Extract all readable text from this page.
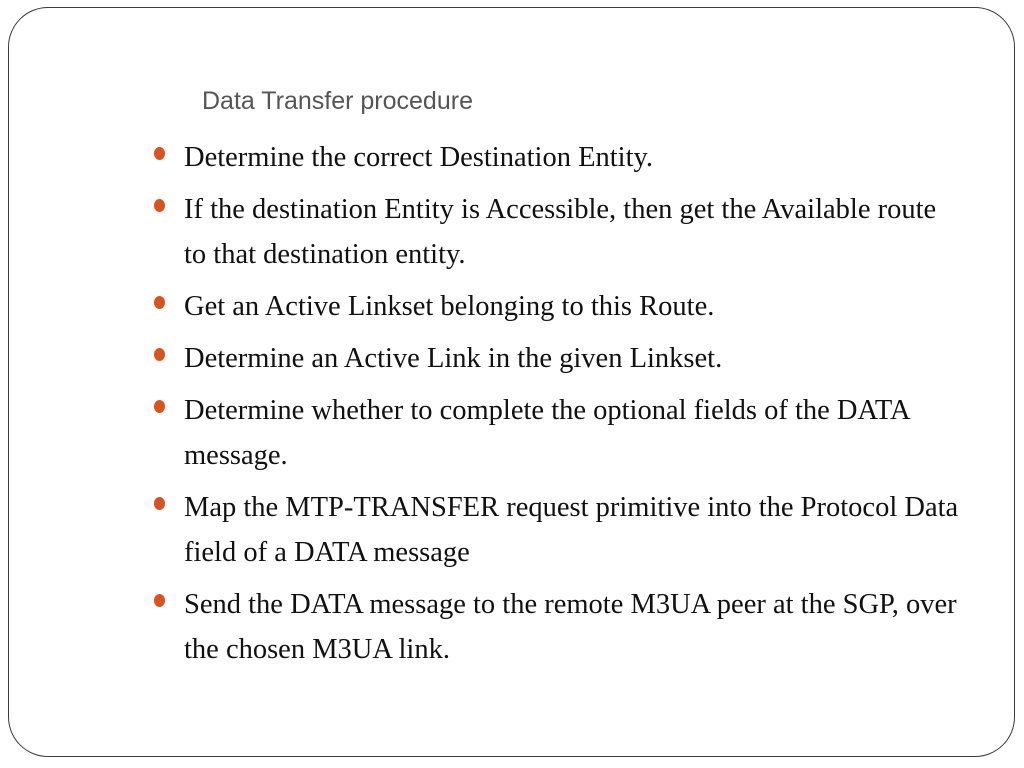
Data Transfer procedure
Determine the correct Destination Entity.
If the destination Entity is Accessible, then get the Available route to that destination entity.
Get an Active Linkset belonging to this Route.
Determine an Active Link in the given Linkset.
Determine whether to complete the optional fields of the DATA message.
Map the MTP-TRANSFER request primitive into the Protocol Data field of a DATA message
Send the DATA message to the remote M3UA peer at the SGP, over the chosen M3UA link.
